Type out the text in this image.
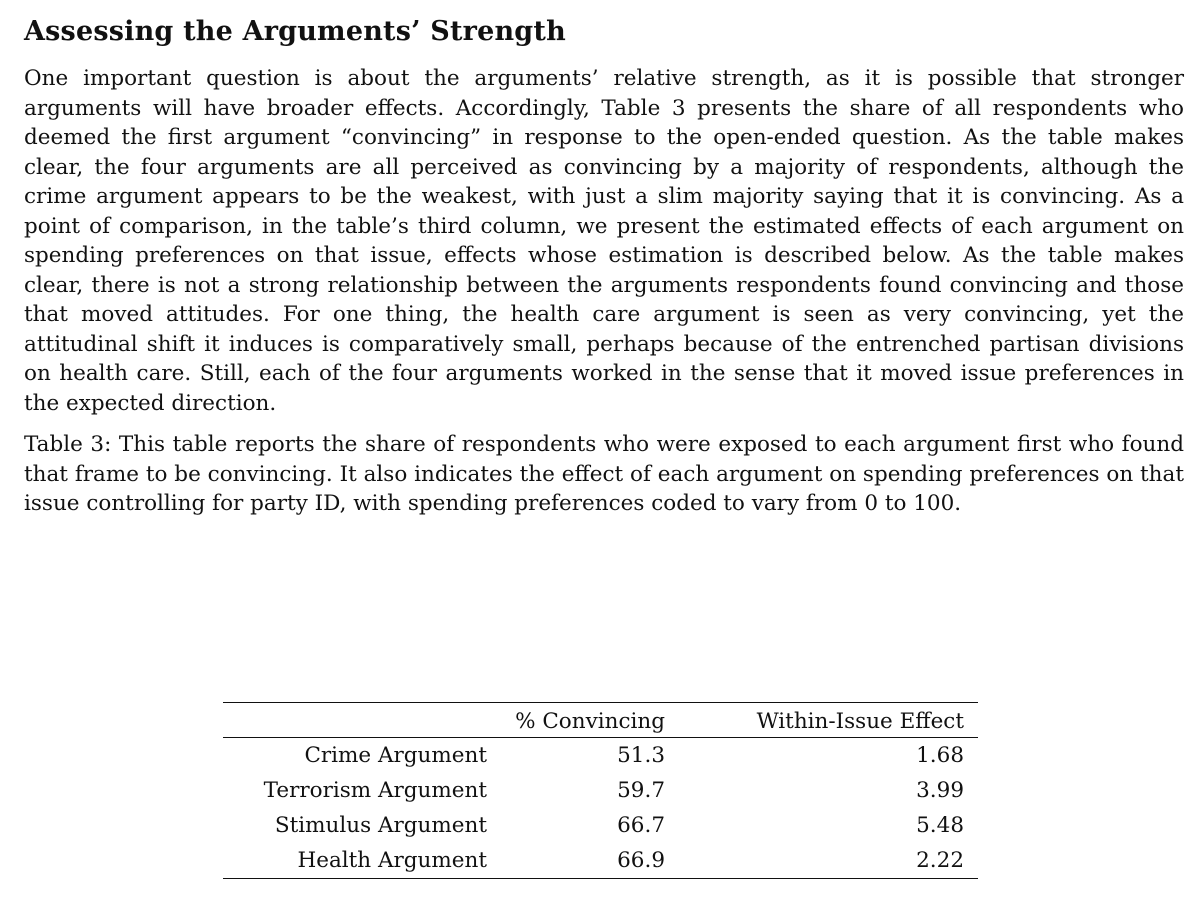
Assessing the Arguments’ Strength

One important question is about the arguments’ relative strength, as it is possible that stronger arguments will have broader effects. Accordingly, Table 3 presents the share of all respondents who deemed the first argument “convincing” in response to the open-ended question. As the table makes clear, the four arguments are all perceived as convincing by a majority of respondents, although the crime argument appears to be the weakest, with just a slim majority saying that it is convincing. As a point of comparison, in the table’s third column, we present the estimated effects of each argument on spending preferences on that issue, effects whose estimation is described below. As the table makes clear, there is not a strong relationship between the arguments respondents found convincing and those that moved attitudes. For one thing, the health care argument is seen as very convincing, yet the attitudinal shift it induces is comparatively small, perhaps because of the entrenched partisan divisions on health care. Still, each of the four arguments worked in the sense that it moved issue preferences in the expected direction.

Table 3: This table reports the share of respondents who were exposed to each argument first who found that frame to be convincing. It also indicates the effect of each argument on spending preferences on that issue controlling for party ID, with spending preferences coded to vary from 0 to 100.

	% Convincing	Within-Issue Effect
Crime Argument	51.3	1.68
Terrorism Argument	59.7	3.99
Stimulus Argument	66.7	5.48
Health Argument	66.9	2.22
